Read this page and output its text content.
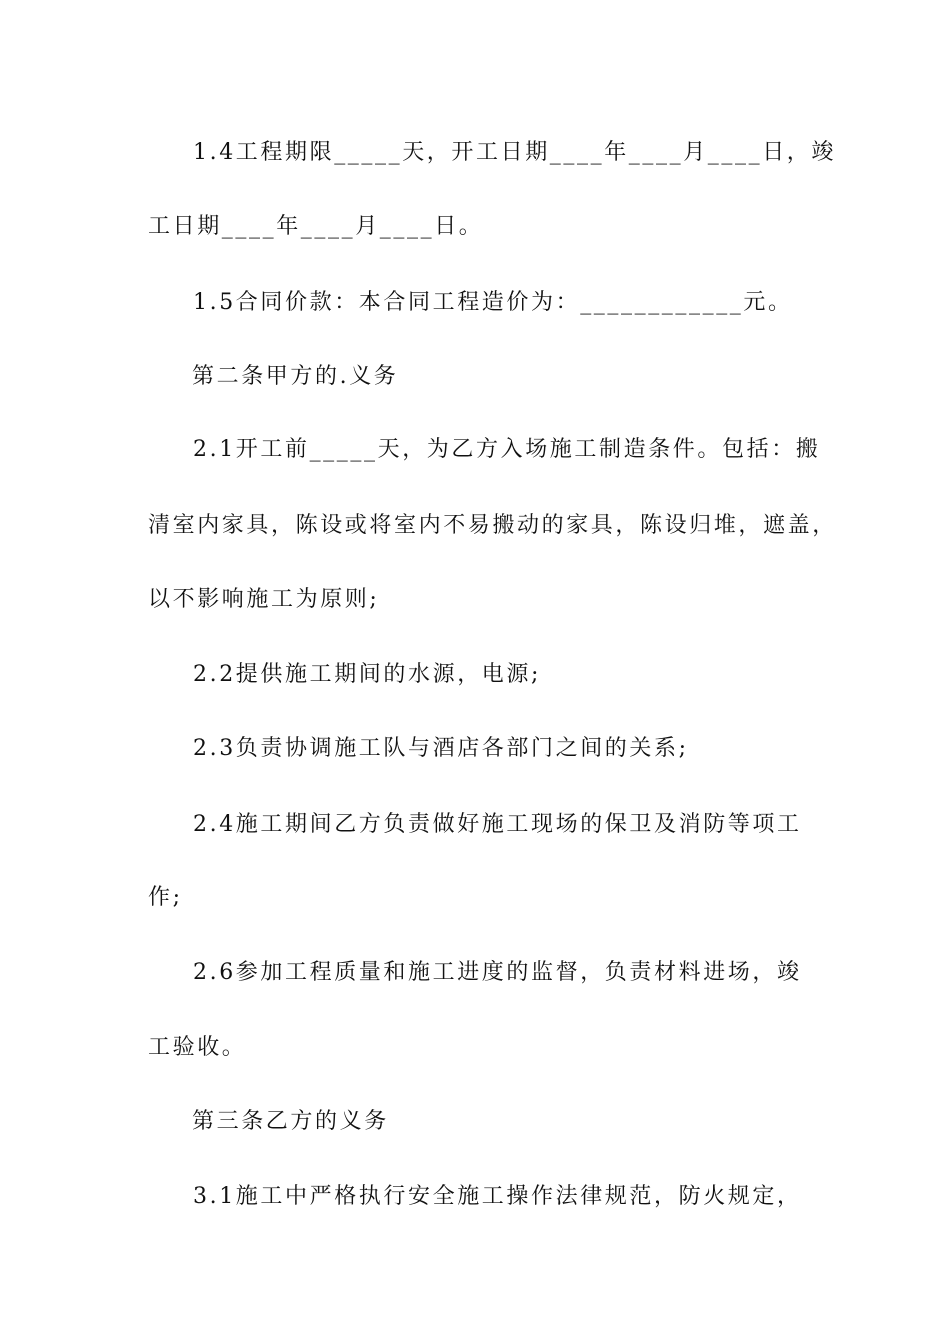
1.4工程期限_____天，开工日期____年____月____日，竣
工日期____年____月____日。
1.5合同价款：本合同工程造价为：____________元。
第二条甲方的.义务
2.1开工前_____天，为乙方入场施工制造条件。包括：搬
清室内家具，陈设或将室内不易搬动的家具，陈设归堆，遮盖，
以不影响施工为原则;
2.2提供施工期间的水源，电源;
2.3负责协调施工队与酒店各部门之间的关系;
2.4施工期间乙方负责做好施工现场的保卫及消防等项工
作;
2.6参加工程质量和施工进度的监督，负责材料进场，竣
工验收。
第三条乙方的义务
3.1施工中严格执行安全施工操作法律规范，防火规定，
